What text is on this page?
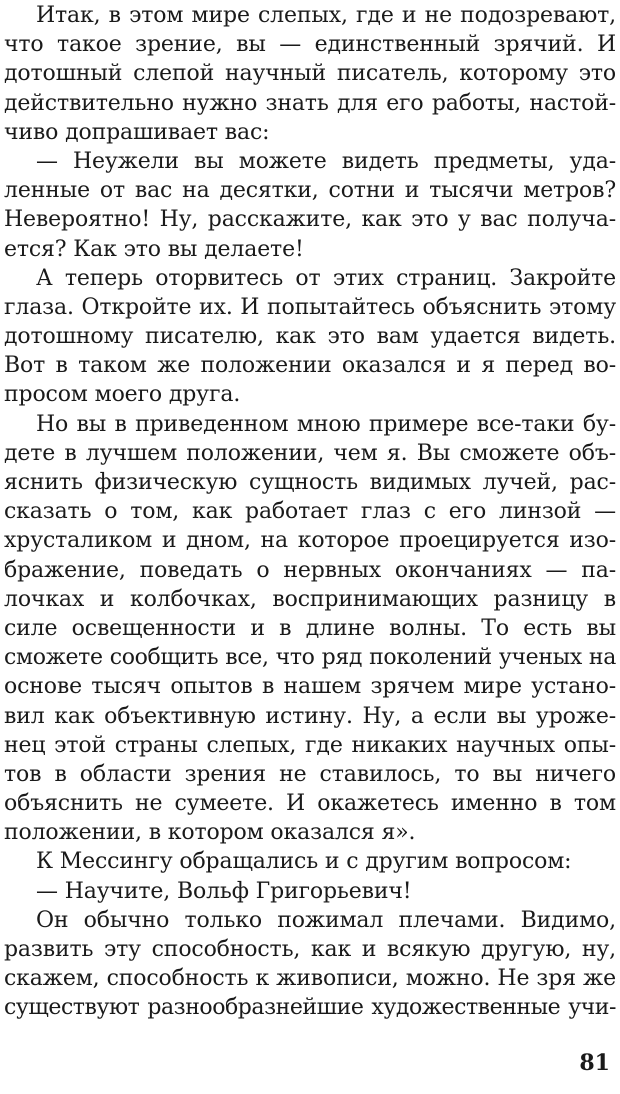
Итак, в этом мире слепых, где и не подозревают,
что такое зрение, вы — единственный зрячий. И
дотошный слепой научный писатель, которому это
действительно нужно знать для его работы, настой-
чиво допрашивает вас:
— Неужели вы можете видеть предметы, уда-
ленные от вас на десятки, сотни и тысячи метров?
Невероятно! Ну, расскажите, как это у вас получа-
ется? Как это вы делаете!
А теперь оторвитесь от этих страниц. Закройте
глаза. Откройте их. И попытайтесь объяснить этому
дотошному писателю, как это вам удается видеть.
Вот в таком же положении оказался и я перед во-
просом моего друга.
Но вы в приведенном мною примере все-таки бу-
дете в лучшем положении, чем я. Вы сможете объ-
яснить физическую сущность видимых лучей, рас-
сказать о том, как работает глаз с его линзой —
хрусталиком и дном, на которое проецируется изо-
бражение, поведать о нервных окончаниях — па-
лочках и колбочках, воспринимающих разницу в
силе освещенности и в длине волны. То есть вы
сможете сообщить все, что ряд поколений ученых на
основе тысяч опытов в нашем зрячем мире устано-
вил как объективную истину. Ну, а если вы уроже-
нец этой страны слепых, где никаких научных опы-
тов в области зрения не ставилось, то вы ничего
объяснить не сумеете. И окажетесь именно в том
положении, в котором оказался я».
К Мессингу обращались и с другим вопросом:
— Научите, Вольф Григорьевич!
Он обычно только пожимал плечами. Видимо,
развить эту способность, как и всякую другую, ну,
скажем, способность к живописи, можно. Не зря же
существуют разнообразнейшие художественные учи-
81
